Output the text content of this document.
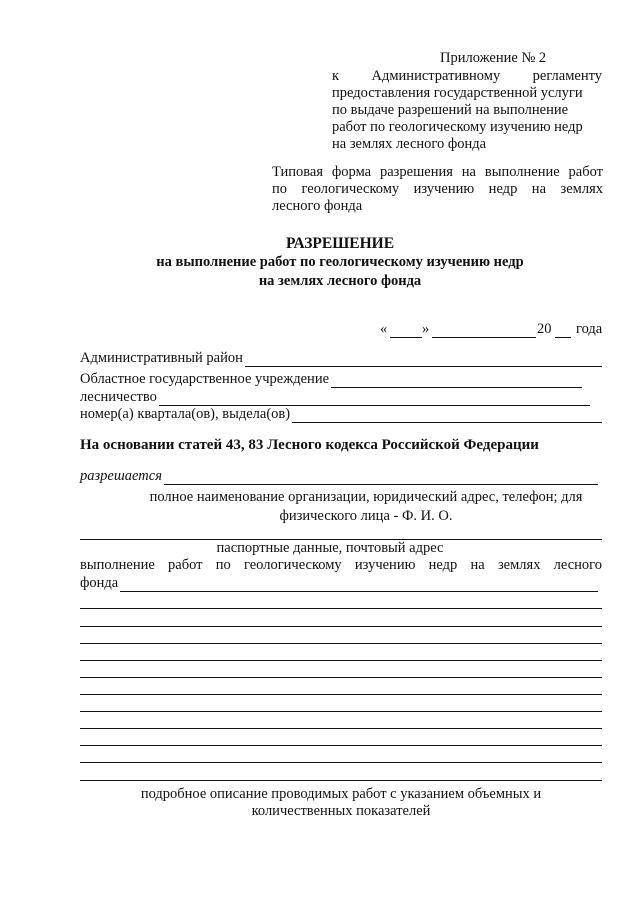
Приложение № 2
к Административному регламенту
предоставления государственной услуги
по выдаче разрешений на выполнение
работ по геологическому изучению недр
на землях лесного фонда
Типовая форма разрешения на выполнение работ
по геологическому изучению недр на землях
лесного фонда
РАЗРЕШЕНИЕ
на выполнение работ по геологическому изучению недр
на землях лесного фонда
« »	20 года
Административный район
Областное государственное учреждение
лесничество
номер(а) квартала(ов), выдела(ов)
На основании статей 43, 83 Лесного кодекса Российской Федерации
разрешается
полное наименование организации, юридический адрес, телефон; для
физического лица - Ф. И. О.
паспортные данные, почтовый адрес
выполнение работ по геологическому изучению недр на землях лесного
фонда
подробное описание проводимых работ с указанием объемных и
количественных показателей
